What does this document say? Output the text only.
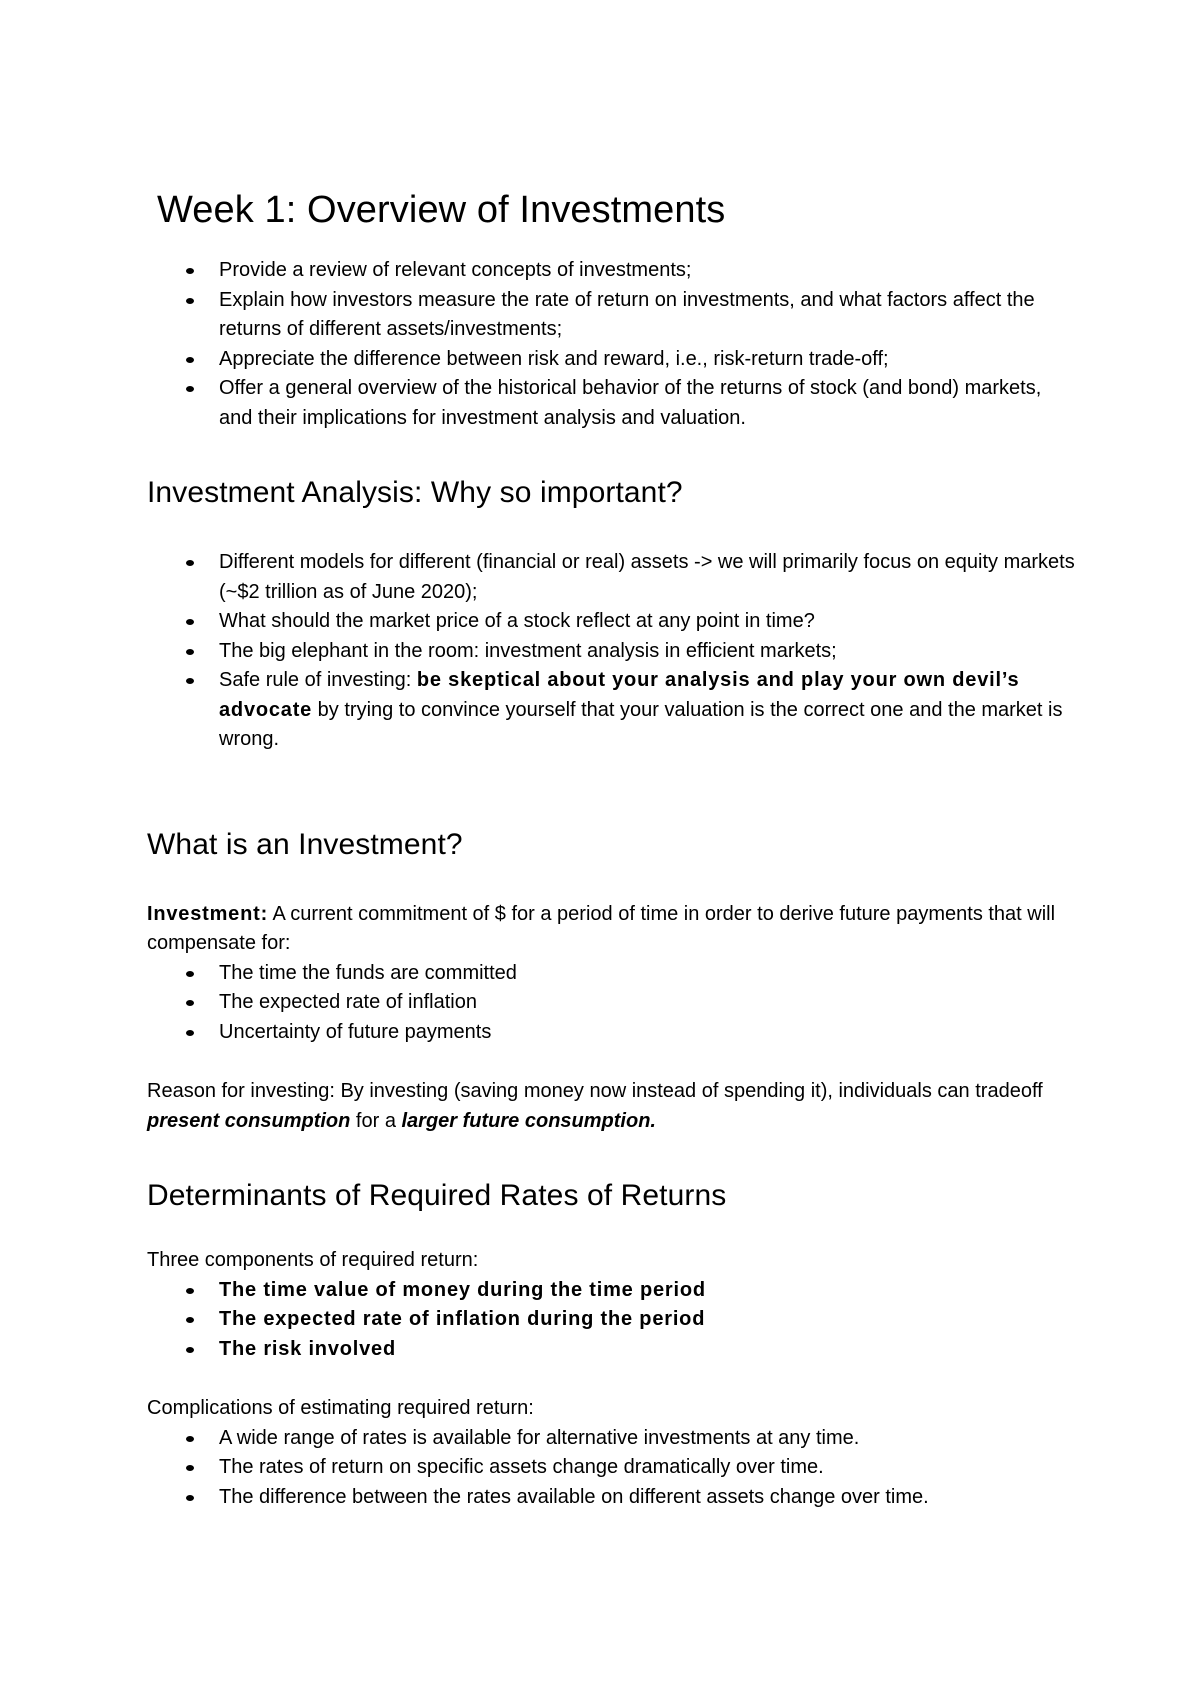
Week 1: Overview of Investments
Provide a review of relevant concepts of investments;
Explain how investors measure the rate of return on investments, and what factors affect the returns of different assets/investments;
Appreciate the difference between risk and reward, i.e., risk-return trade-off;
Offer a general overview of the historical behavior of the returns of stock (and bond) markets, and their implications for investment analysis and valuation.
Investment Analysis: Why so important?
Different models for different (financial or real) assets -> we will primarily focus on equity markets (~$2 trillion as of June 2020);
What should the market price of a stock reflect at any point in time?
The big elephant in the room: investment analysis in efficient markets;
Safe rule of investing: be skeptical about your analysis and play your own devil’s advocate by trying to convince yourself that your valuation is the correct one and the market is wrong.
What is an Investment?

Investment: A current commitment of $ for a period of time in order to derive future payments that will compensate for:

The time the funds are committed
The expected rate of inflation
Uncertainty of future payments

Reason for investing: By investing (saving money now instead of spending it), individuals can tradeoff present consumption for a larger future consumption.

Determinants of Required Rates of Returns

Three components of required return:

The time value of money during the time period
The expected rate of inflation during the period
The risk involved

Complications of estimating required return:

A wide range of rates is available for alternative investments at any time.
The rates of return on specific assets change dramatically over time.
The difference between the rates available on different assets change over time.
